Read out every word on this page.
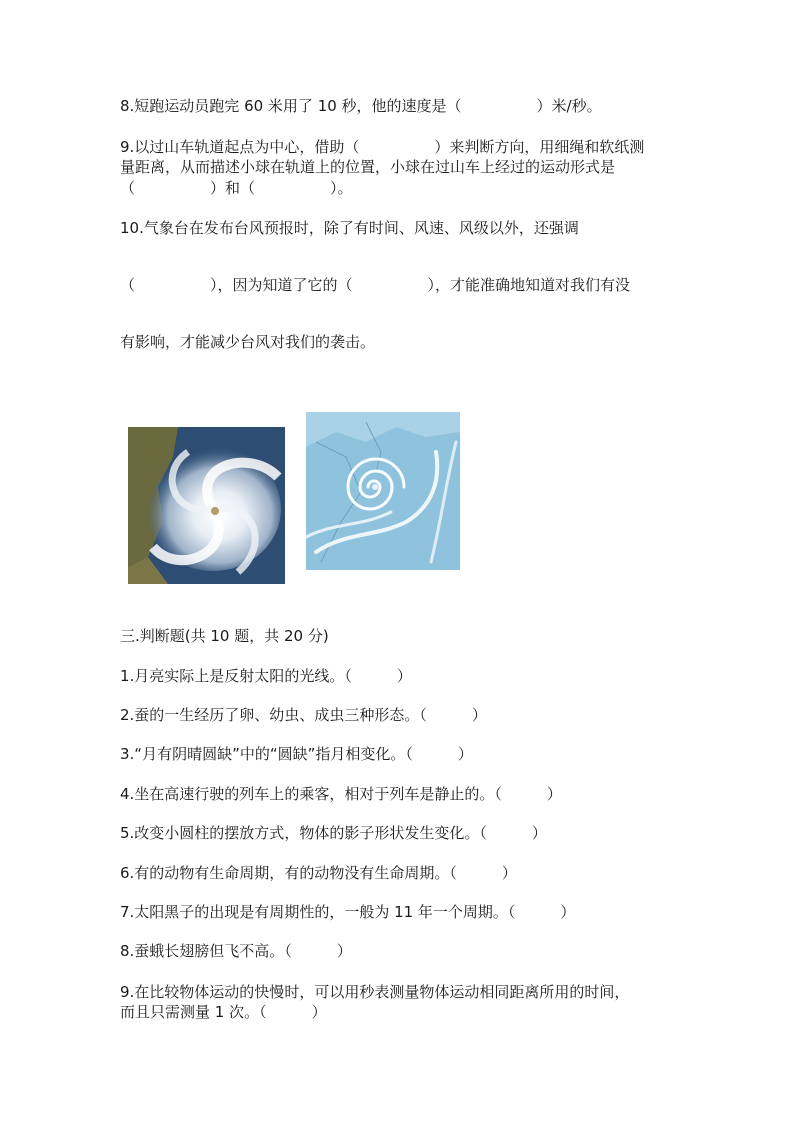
8.短跑运动员跑完 60 米用了 10 秒，他的速度是（　　　　　）米/秒。
9.以过山车轨道起点为中心，借助（　　　　　）来判断方向，用细绳和软纸测
量距离，从而描述小球在轨道上的位置，小球在过山车上经过的运动形式是
（　　　　　）和（　　　　　）。
10.气象台在发布台风预报时，除了有时间、风速、风级以外，还强调
（　　　　　），因为知道了它的（　　　　　），才能准确地知道对我们有没
有影响，才能减少台风对我们的袭击。
三.判断题(共 10 题，共 20 分)
1.月亮实际上是反射太阳的光线。（　　　）
2.蚕的一生经历了卵、幼虫、成虫三种形态。（　　　）
3.“月有阴晴圆缺”中的“圆缺”指月相变化。（　　　）
4.坐在高速行驶的列车上的乘客，相对于列车是静止的。（　　　）
5.改变小圆柱的摆放方式，物体的影子形状发生变化。（　　　）
6.有的动物有生命周期，有的动物没有生命周期。（　　　）
7.太阳黑子的出现是有周期性的，一般为 11 年一个周期。（　　　）
8.蚕蛾长翅膀但飞不高。（　　　）
9.在比较物体运动的快慢时，可以用秒表测量物体运动相同距离所用的时间，
而且只需测量 1 次。（　　　）
